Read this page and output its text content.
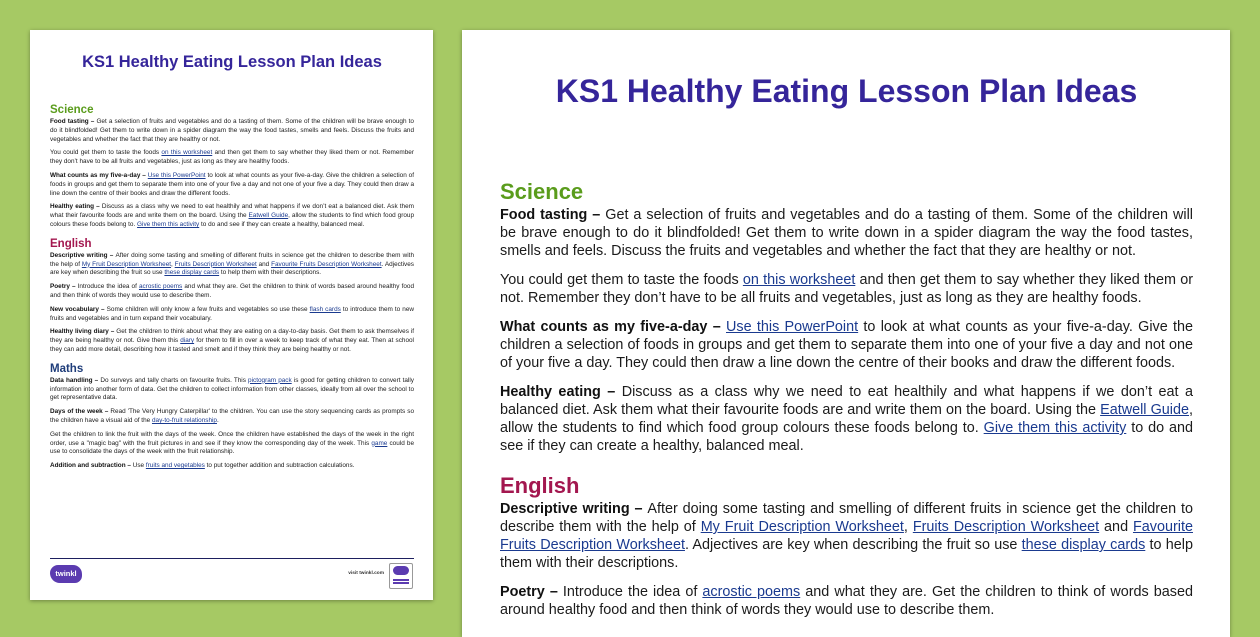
KS1 Healthy Eating Lesson Plan Ideas
Science

Food tasting – Get a selection of fruits and vegetables and do a tasting of them. Some of the children will be brave enough to do it blindfolded! Get them to write down in a spider diagram the way the food tastes, smells and feels. Discuss the fruits and vegetables and whether the fact that they are healthy or not.

You could get them to taste the foods on this worksheet and then get them to say whether they liked them or not. Remember they don’t have to be all fruits and vegetables, just as long as they are healthy foods.

What counts as my five-a-day – Use this PowerPoint to look at what counts as your five-a-day. Give the children a selection of foods in groups and get them to separate them into one of your five a day and not one of your five a day. They could then draw a line down the centre of their books and draw the different foods.

Healthy eating – Discuss as a class why we need to eat healthily and what happens if we don’t eat a balanced diet. Ask them what their favourite foods are and write them on the board. Using the Eatwell Guide, allow the students to find which food group colours these foods belong to. Give them this activity to do and see if they can create a healthy, balanced meal.

English

Descriptive writing – After doing some tasting and smelling of different fruits in science get the children to describe them with the help of My Fruit Description Worksheet, Fruits Description Worksheet and Favourite Fruits Description Worksheet. Adjectives are key when describing the fruit so use these display cards to help them with their descriptions.

Poetry – Introduce the idea of acrostic poems and what they are. Get the children to think of words based around healthy food and then think of words they would use to describe them.

New vocabulary – Some children will only know a few fruits and vegetables so use these flash cards to introduce them to new fruits and vegetables and in turn expand their vocabulary.

Healthy living diary – Get the children to think about what they are eating on a day-to-day basis. Get them to ask themselves if they are being healthy or not. Give them this diary for them to fill in over a week to keep track of what they eat. Then at school they can add more detail, describing how it tasted and smelt and if they think they are being healthy or not.

Maths

Data handling – Do surveys and tally charts on favourite fruits. This pictogram pack is good for getting children to convert tally information into another form of data. Get the children to collect information from other classes, ideally from all over the school to get representative data.

Days of the week – Read 'The Very Hungry Caterpillar' to the children. You can use the story sequencing cards as prompts so the children have a visual aid of the day-to-fruit relationship.

Get the children to link the fruit with the days of the week. Once the children have established the days of the week in the right order, use a "magic bag" with the fruit pictures in and see if they know the corresponding day of the week. This game could be use to consolidate the days of the week with the fruit relationship.

Addition and subtraction – Use fruits and vegetables to put together addition and subtraction calculations.

twinkl	visit twinkl.com
KS1 Healthy Eating Lesson Plan Ideas
Science

Food tasting – Get a selection of fruits and vegetables and do a tasting of them. Some of the children will be brave enough to do it blindfolded! Get them to write down in a spider diagram the way the food tastes, smells and feels. Discuss the fruits and vegetables and whether the fact that they are healthy or not.

You could get them to taste the foods on this worksheet and then get them to say whether they liked them or not. Remember they don’t have to be all fruits and vegetables, just as long as they are healthy foods.

What counts as my five-a-day – Use this PowerPoint to look at what counts as your five-a-day. Give the children a selection of foods in groups and get them to separate them into one of your five a day and not one of your five a day. They could then draw a line down the centre of their books and draw the different foods.

Healthy eating – Discuss as a class why we need to eat healthily and what happens if we don’t eat a balanced diet. Ask them what their favourite foods are and write them on the board. Using the Eatwell Guide, allow the students to find which food group colours these foods belong to. Give them this activity to do and see if they can create a healthy, balanced meal.

English

Descriptive writing – After doing some tasting and smelling of different fruits in science get the children to describe them with the help of My Fruit Description Worksheet, Fruits Description Worksheet and Favourite Fruits Description Worksheet. Adjectives are key when describing the fruit so use these display cards to help them with their descriptions.

Poetry – Introduce the idea of acrostic poems and what they are. Get the children to think of words based around healthy food and then think of words they would use to describe them.
